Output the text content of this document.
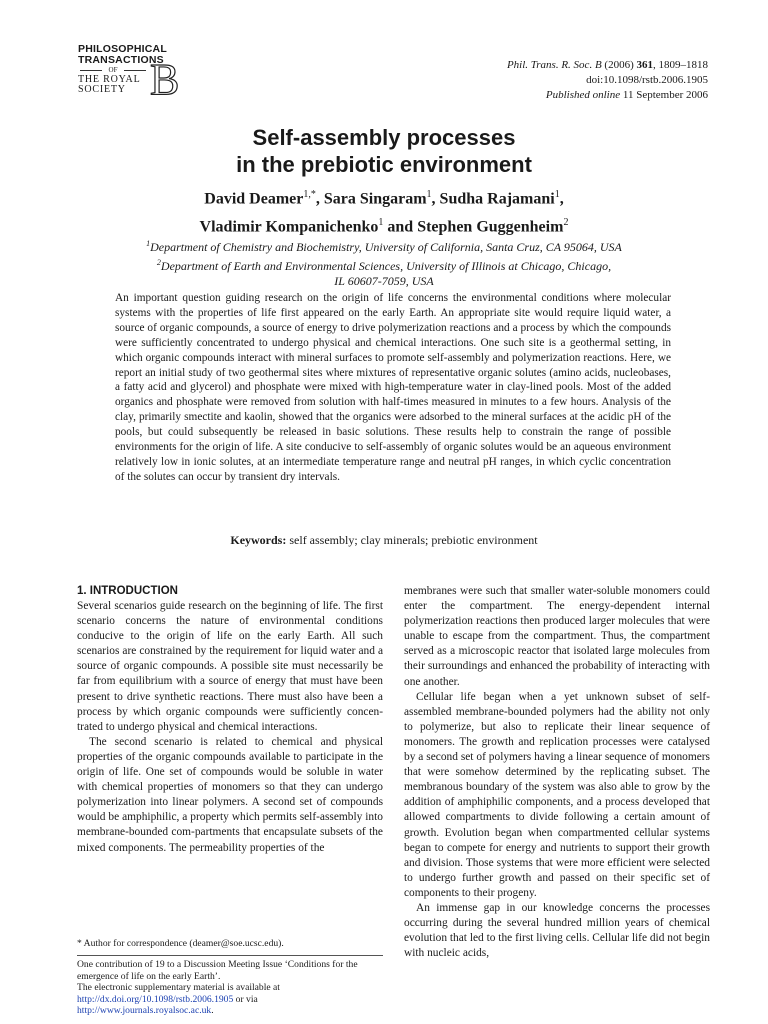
PHILOSOPHICAL
TRANSACTIONS
OF
THE ROYAL
SOCIETY B	Phil. Trans. R. Soc. B (2006) 361, 1809–1818
doi:10.1098/rstb.2006.1905
Published online 11 September 2006
Self-assembly processes
in the prebiotic environment
David Deamer$^{1,*}$, Sara Singaram$^1$, Sudha Rajamani$^1$,
Vladimir Kompanichenko$^1$ and Stephen Guggenheim$^2$
$^1$Department of Chemistry and Biochemistry, University of California, Santa Cruz, CA 95064, USA
$^2$Department of Earth and Environmental Sciences, University of Illinois at Chicago, Chicago,
IL 60607-7059, USA
An important question guiding research on the origin of life concerns the environmental conditions where molecular systems with the properties of life first appeared on the early Earth. An appropriate site would require liquid water, a source of organic compounds, a source of energy to drive polymerization reactions and a process by which the compounds were sufficiently concentrated to undergo physical and chemical interactions. One such site is a geothermal setting, in which organic compounds interact with mineral surfaces to promote self-assembly and polymerization reactions. Here, we report an initial study of two geothermal sites where mixtures of representative organic solutes (amino acids, nucleobases, a fatty acid and glycerol) and phosphate were mixed with high-temperature water in clay-lined pools. Most of the added organics and phosphate were removed from solution with half-times measured in minutes to a few hours. Analysis of the clay, primarily smectite and kaolin, showed that the organics were adsorbed to the mineral surfaces at the acidic pH of the pools, but could subsequently be released in basic solutions. These results help to constrain the range of possible environments for the origin of life. A site conducive to self-assembly of organic solutes would be an aqueous environment relatively low in ionic solutes, at an intermediate temperature range and neutral pH ranges, in which cyclic concentration of the solutes can occur by transient dry intervals.
Keywords: self assembly; clay minerals; prebiotic environment
1. INTRODUCTION

Several scenarios guide research on the beginning of life. The first scenario concerns the nature of environmental conditions conducive to the origin of life on the early Earth. All such scenarios are constrained by the requirement for liquid water and a source of organic compounds. A possible site must necessarily be far from equilibrium with a source of energy that must have been present to drive synthetic reactions. There must also have been a process by which organic compounds were sufficiently concen-trated to undergo physical and chemical interactions.

The second scenario is related to chemical and physical properties of the organic compounds available to participate in the origin of life. One set of compounds would be soluble in water with chemical properties of monomers so that they can undergo polymerization into linear polymers. A second set of compounds would be amphiphilic, a property which permits self-assembly into membrane-bounded com-partments that encapsulate subsets of the mixed components. The permeability properties of the

membranes were such that smaller water-soluble monomers could enter the compartment. The energy-dependent internal polymerization reactions then produced larger molecules that were unable to escape from the compartment. Thus, the compartment served as a microscopic reactor that isolated large molecules from their surroundings and enhanced the probability of interacting with one another.

Cellular life began when a yet unknown subset of self-assembled membrane-bounded polymers had the ability not only to polymerize, but also to replicate their linear sequence of monomers. The growth and replication processes were catalysed by a second set of polymers having a linear sequence of monomers that were somehow determined by the replicating subset. The membranous boundary of the system was also able to grow by the addition of amphiphilic components, and a process developed that allowed compartments to divide following a certain amount of growth. Evolution began when compartmented cellular systems began to compete for energy and nutrients to support their growth and division. Those systems that were more efficient were selected to undergo further growth and passed on their specific set of components to their progeny.

An immense gap in our knowledge concerns the processes occurring during the several hundred million years of chemical evolution that led to the first living cells. Cellular life did not begin with nucleic acids,

* Author for correspondence (deamer@soe.ucsc.edu).

One contribution of 19 to a Discussion Meeting Issue ‘Conditions for the emergence of life on the early Earth’.

The electronic supplementary material is available at http://dx.doi.org/10.1098/rstb.2006.1905 or via http://www.journals.royalsoc.ac.uk.
